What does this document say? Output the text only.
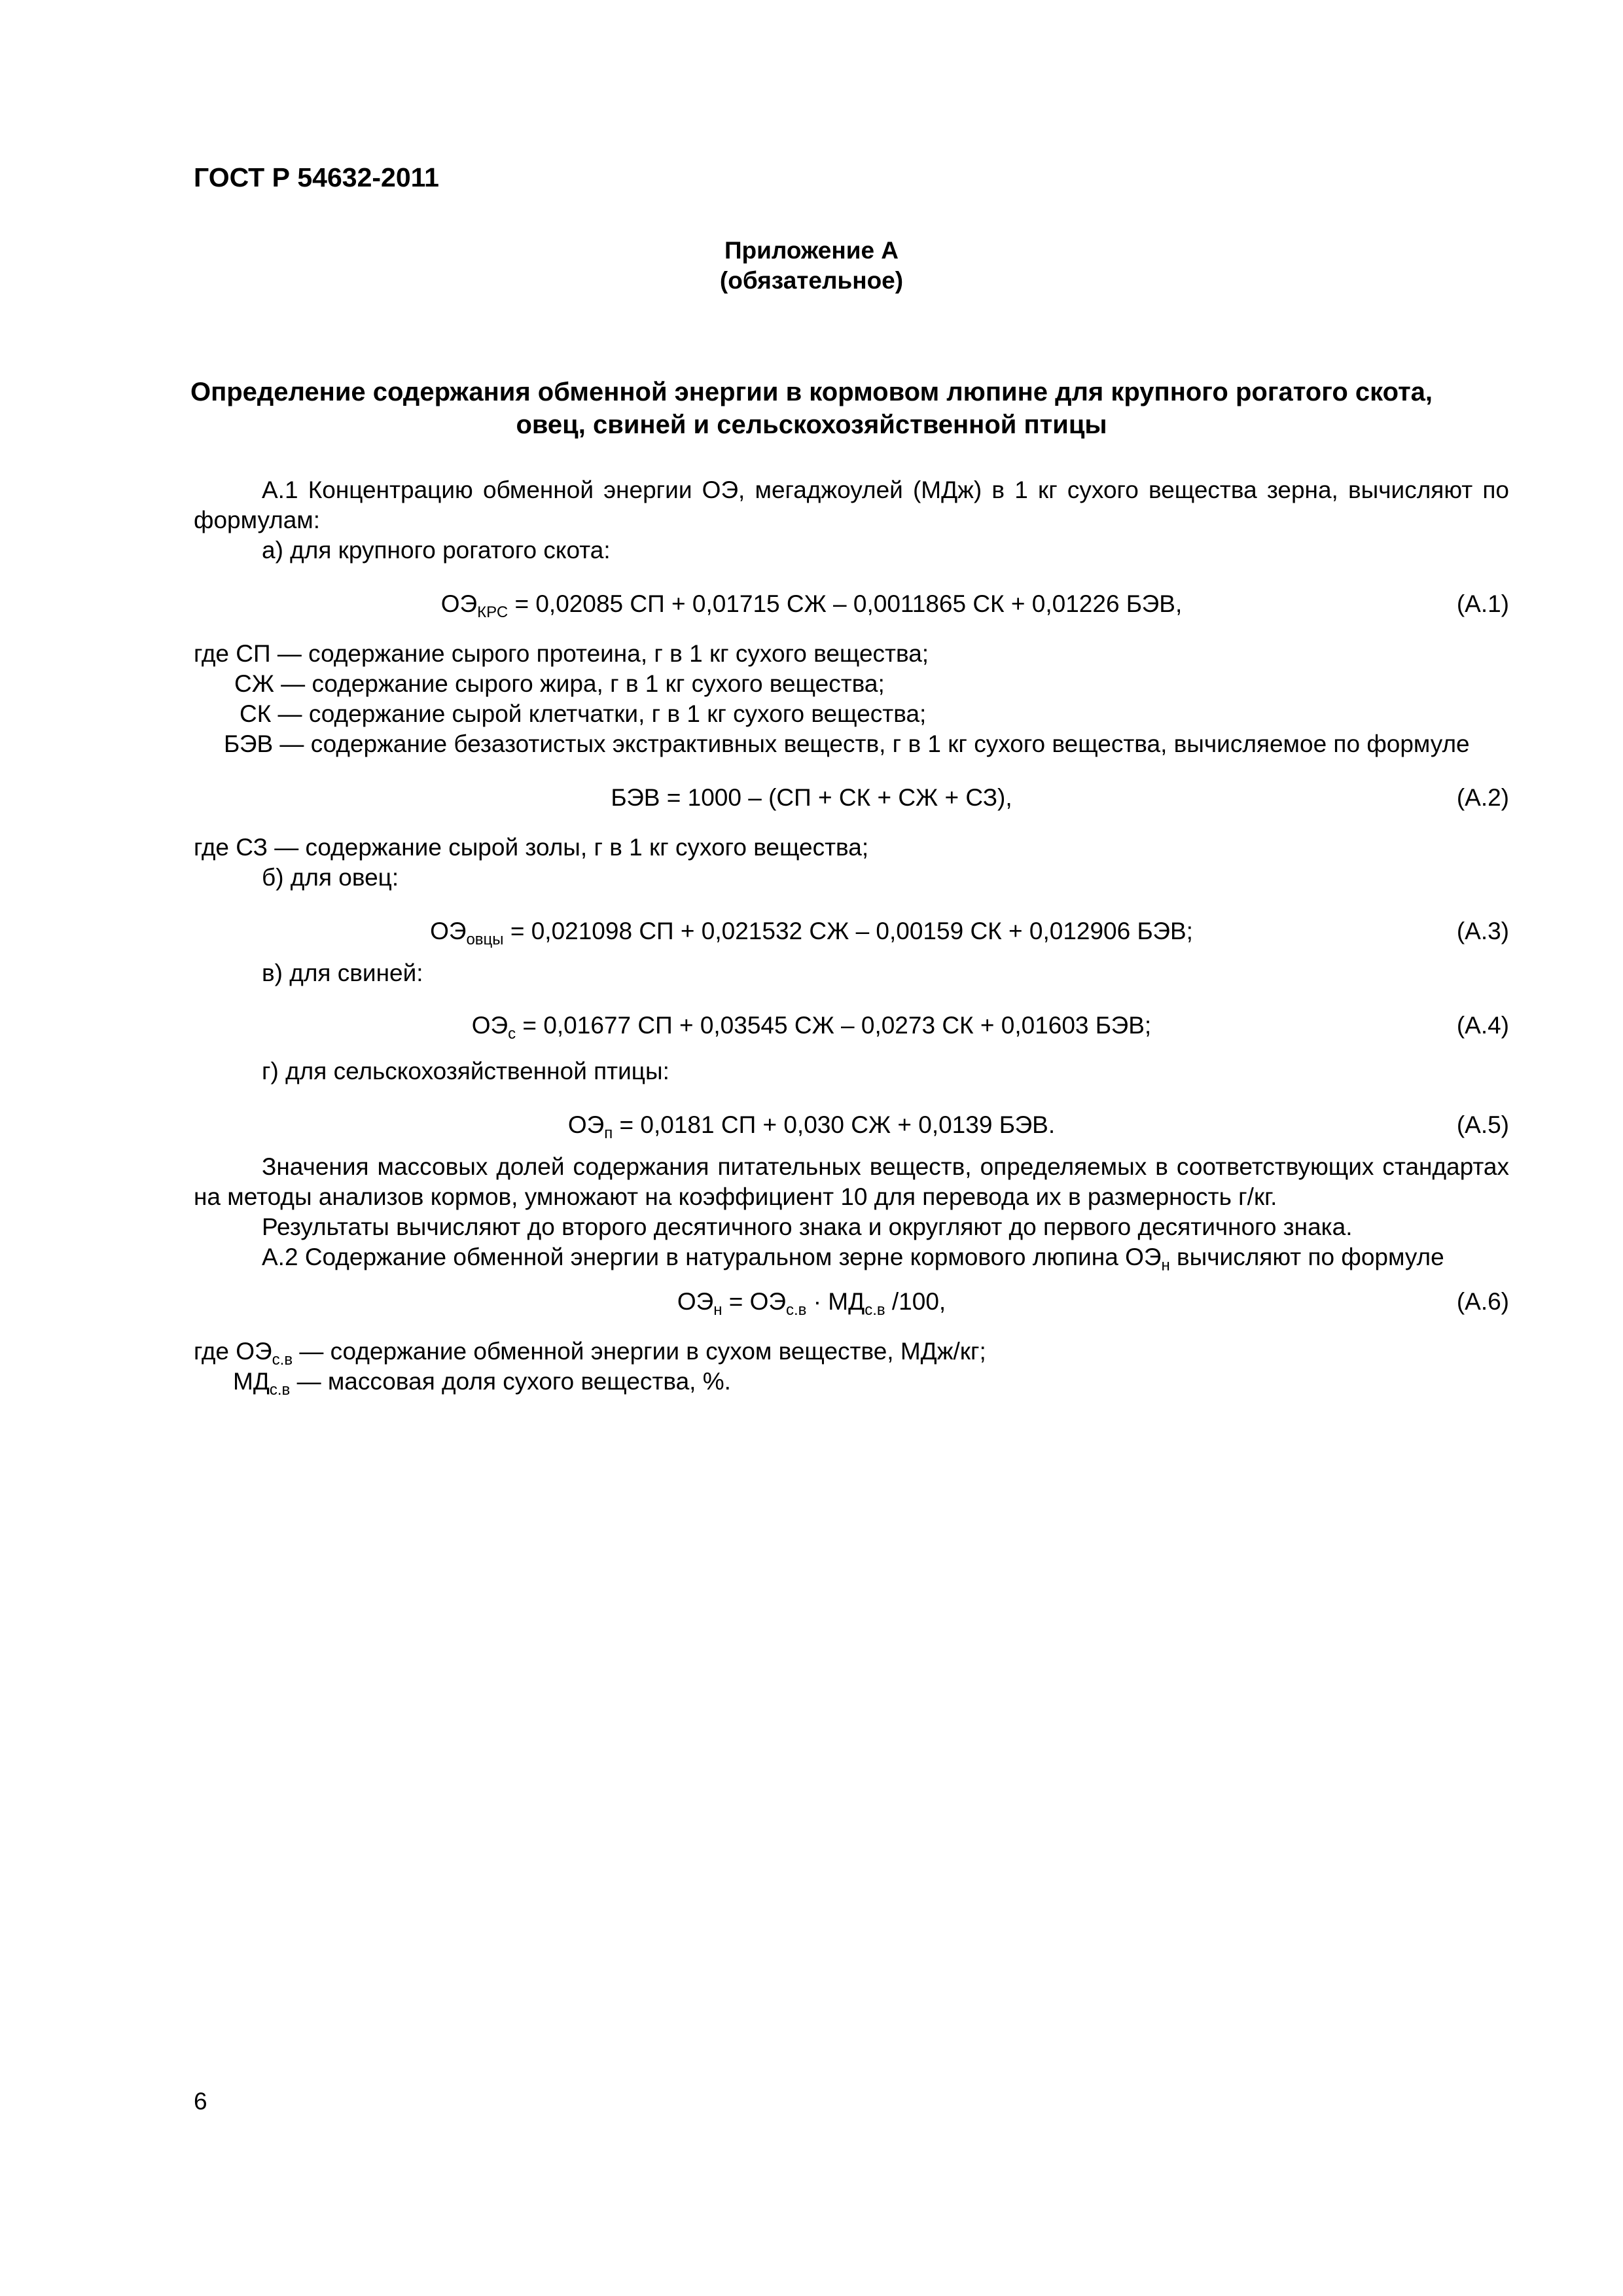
ГОСТ Р 54632-2011
Приложение А
(обязательное)
Определение содержания обменной энергии в кормовом люпине для крупного рогатого скота,
овец, свиней и сельскохозяйственной птицы
А.1 Концентрацию обменной энергии ОЭ, мегаджоулей (МДж) в 1 кг сухого вещества зерна, вычисляют по формулам:
а) для крупного рогатого скота:
$ОЭ_{КРС} = 0,02085$ СП + 0,01715 СЖ – 0,0011865 СК + 0,01226 БЭВ,	(А.1)
где СП — содержание сырого протеина, г в 1 кг сухого вещества;
СЖ — содержание сырого жира, г в 1 кг сухого вещества;
СК — содержание сырой клетчатки, г в 1 кг сухого вещества;
БЭВ — содержание безазотистых экстрактивных веществ, г в 1 кг сухого вещества, вычисляемое по формуле
БЭВ = 1000 – (СП + СК + СЖ + СЗ),	(А.2)
где СЗ — содержание сырой золы, г в 1 кг сухого вещества;
б) для овец:
$ОЭ_{овцы} = 0,021098$ СП + 0,021532 СЖ – 0,00159 СК + 0,012906 БЭВ;	(А.3)
в) для свиней:
$ОЭ_с = 0,01677$ СП + 0,03545 СЖ – 0,0273 СК + 0,01603 БЭВ;	(А.4)
г) для сельскохозяйственной птицы:
$ОЭ_п = 0,0181$ СП + 0,030 СЖ + 0,0139 БЭВ.	(А.5)
Значения массовых долей содержания питательных веществ, определяемых в соответствующих стандартах на методы анализов кормов, умножают на коэффициент 10 для перевода их в размерность г/кг.
Результаты вычисляют до второго десятичного знака и округляют до первого десятичного знака.
А.2 Содержание обменной энергии в натуральном зерне кормового люпина $ОЭ_н$ вычисляют по формуле
$ОЭ_н = ОЭ_{с.в} \cdot МД_{с.в}$ /100,	(А.6)
где $ОЭ_{с.в}$ — содержание обменной энергии в сухом веществе, МДж/кг;
$МД_{с.в}$ — массовая доля сухого вещества, %.
6
